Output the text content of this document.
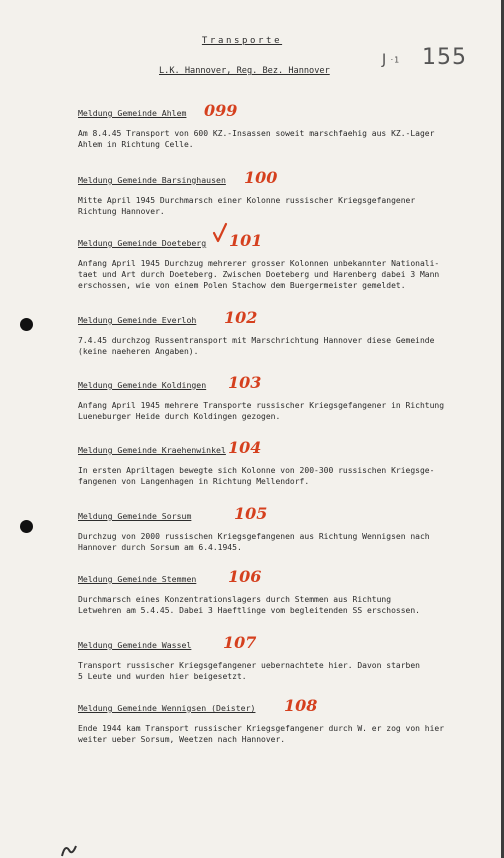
Transporte
L.K. Hannover, Reg. Bez. Hannover
J ·1 155
Meldung Gemeinde Ahlem 099
Am 8.4.45 Transport von 600 KZ.-Insassen soweit marschfaehig aus KZ.-Lager
Ahlem in Richtung Celle.
Meldung Gemeinde Barsinghausen 100
Mitte April 1945 Durchmarsch einer Kolonne russischer Kriegsgefangener
Richtung Hannover.
Meldung Gemeinde Doeteberg 101
Anfang April 1945 Durchzug mehrerer grosser Kolonnen unbekannter Nationali-
taet und Art durch Doeteberg. Zwischen Doeteberg und Harenberg dabei 3 Mann
erschossen, wie von einem Polen Stachow dem Buergermeister gemeldet.
Meldung Gemeinde Everloh 102
7.4.45 durchzog Russentransport mit Marschrichtung Hannover diese Gemeinde
(keine naeheren Angaben).
Meldung Gemeinde Koldingen 103
Anfang April 1945 mehrere Transporte russischer Kriegsgefangener in Richtung
Lueneburger Heide durch Koldingen gezogen.
Meldung Gemeinde Kraehenwinkel 104
In ersten Apriltagen bewegte sich Kolonne von 200-300 russischen Kriegsge-
fangenen von Langenhagen in Richtung Mellendorf.
Meldung Gemeinde Sorsum	105
Durchzug von 2000 russischen Kriegsgefangenen aus Richtung Wennigsen nach
Hannover durch Sorsum am 6.4.1945.
Meldung Gemeinde Stemmen 106
Durchmarsch eines Konzentrationslagers durch Stemmen aus Richtung
Letwehren am 5.4.45. Dabei 3 Haeftlinge vom begleitenden SS erschossen.
Meldung Gemeinde Wassel 107
Transport russischer Kriegsgefangener uebernachtete hier. Davon starben
5 Leute und wurden hier beigesetzt.
Meldung Gemeinde Wennigsen (Deister) 108
Ende 1944 kam Transport russischer Kriegsgefangener durch W. er zog von hier
weiter ueber Sorsum, Weetzen nach Hannover.
